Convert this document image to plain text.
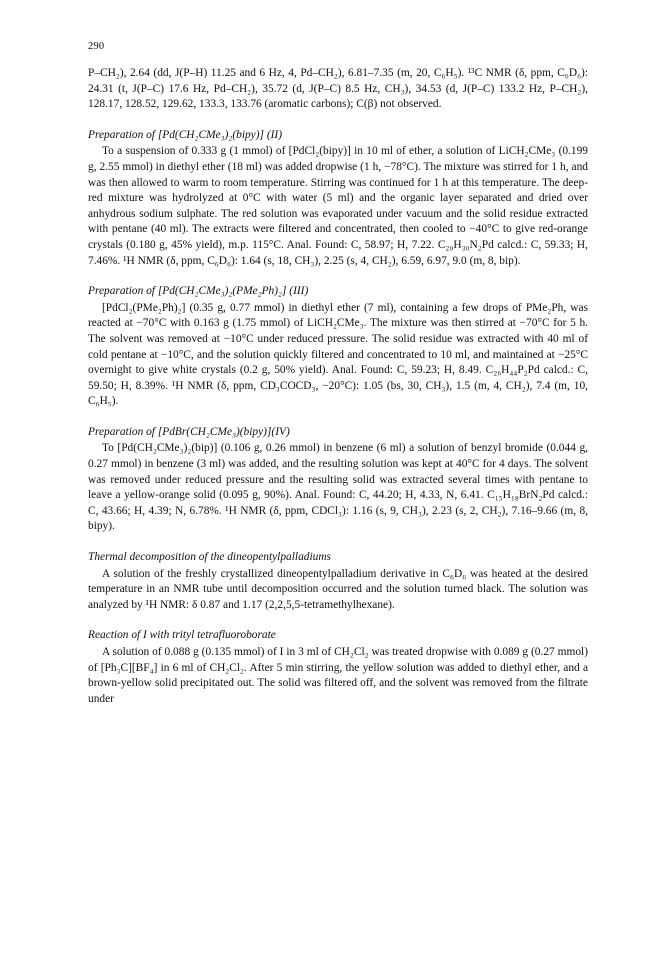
290

P–CH₂), 2.64 (dd, J(P–H) 11.25 and 6 Hz, 4, Pd–CH₂), 6.81–7.35 (m, 20, C₆H₅). ¹³C NMR (δ, ppm, C₆D₆): 24.31 (t, J(P–C) 17.6 Hz, Pd–CH₂), 35.72 (d, J(P–C) 8.5 Hz, CH₃), 34.53 (d, J(P–C) 133.2 Hz, P–CH₂), 128.17, 128.52, 129.62, 133.3, 133.76 (aromatic carbons); C(β) not observed.

Preparation of [Pd(CH₂CMe₃)₂(bipy)] (II)

To a suspension of 0.333 g (1 mmol) of [PdCl₂(bipy)] in 10 ml of ether, a solution of LiCH₂CMe₃ (0.199 g, 2.55 mmol) in diethyl ether (18 ml) was added dropwise (1 h, −78°C). The mixture was stirred for 1 h, and was then allowed to warm to room temperature. Stirring was continued for 1 h at this temperature. The deep-red mixture was hydrolyzed at 0°C with water (5 ml) and the organic layer separated and dried over anhydrous sodium sulphate. The red solution was evaporated under vacuum and the solid residue extracted with pentane (40 ml). The extracts were filtered and concentrated, then cooled to −40°C to give red-orange crystals (0.180 g, 45% yield), m.p. 115°C. Anal. Found: C, 58.97; H, 7.22. C₂₀H₃₀N₂Pd calcd.: C, 59.33; H, 7.46%. ¹H NMR (δ, ppm, C₆D₆): 1.64 (s, 18, CH₃), 2.25 (s, 4, CH₂), 6.59, 6.97, 9.0 (m, 8, bip).

Preparation of [Pd(CH₂CMe₃)₂(PMe₂Ph)₂] (III)

[PdCl₂(PMe₂Ph)₂] (0.35 g, 0.77 mmol) in diethyl ether (7 ml), containing a few drops of PMe₂Ph, was reacted at −70°C with 0.163 g (1.75 mmol) of LiCH₂CMe₃. The mixture was then stirred at −70°C for 5 h. The solvent was removed at −10°C under reduced pressure. The solid residue was extracted with 40 ml of cold pentane at −10°C, and the solution quickly filtered and concentrated to 10 ml, and maintained at −25°C overnight to give white crystals (0.2 g, 50% yield). Anal. Found: C, 59.23; H, 8.49. C₂₆H₄₄P₂Pd calcd.: C, 59.50; H, 8.39%. ¹H NMR (δ, ppm, CD₃COCD₃, −20°C): 1.05 (bs, 30, CH₃), 1.5 (m, 4, CH₂), 7.4 (m, 10, C₆H₅).

Preparation of [PdBr(CH₂CMe₃)(bipy)](IV)

To [Pd(CH₂CMe₃)₂(bip)] (0.106 g, 0.26 mmol) in benzene (6 ml) a solution of benzyl bromide (0.044 g, 0.27 mmol) in benzene (3 ml) was added, and the resulting solution was kept at 40°C for 4 days. The solvent was removed under reduced pressure and the resulting solid was extracted several times with pentane to leave a yellow-orange solid (0.095 g, 90%). Anal. Found: C, 44.20; H, 4.33, N, 6.41. C₁₅H₁₈BrN₂Pd calcd.: C, 43.66; H, 4.39; N, 6.78%. ¹H NMR (δ, ppm, CDCl₃): 1.16 (s, 9, CH₃), 2.23 (s, 2, CH₂), 7.16–9.66 (m, 8, bipy).

Thermal decomposition of the dineopentylpalladiums

A solution of the freshly crystallized dineopentylpalladium derivative in C₆D₆ was heated at the desired temperature in an NMR tube until decomposition occurred and the solution turned black. The solution was analyzed by ¹H NMR: δ 0.87 and 1.17 (2,2,5,5-tetramethylhexane).

Reaction of I with trityl tetrafluoroborate

A solution of 0.088 g (0.135 mmol) of I in 3 ml of CH₂Cl₂ was treated dropwise with 0.089 g (0.27 mmol) of [Ph₃C][BF₄] in 6 ml of CH₂Cl₂. After 5 min stirring, the yellow solution was added to diethyl ether, and a brown-yellow solid precipitated out. The solid was filtered off, and the solvent was removed from the filtrate under
